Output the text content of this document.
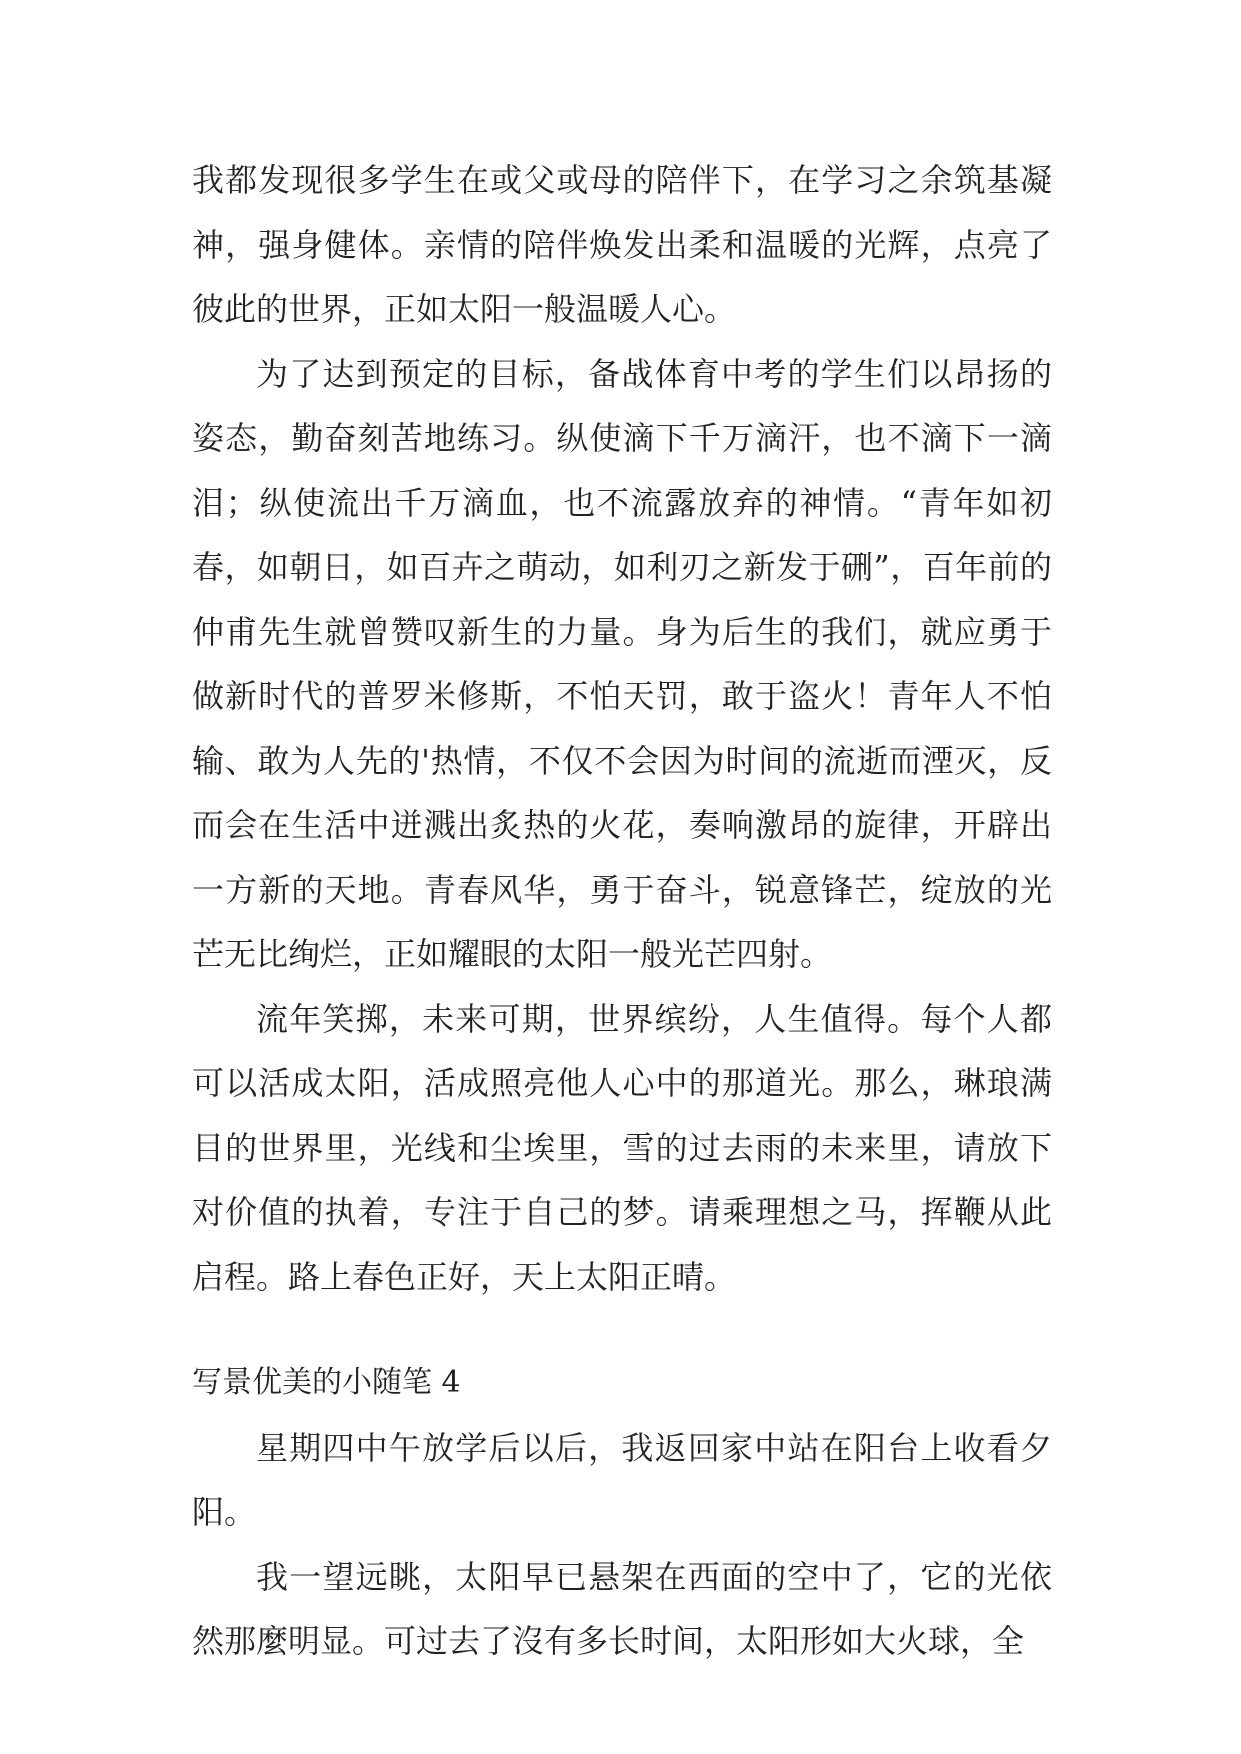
我都发现很多学生在或父或母的陪伴下，在学习之余筑基凝神，强身健体。亲情的陪伴焕发出柔和温暖的光辉，点亮了彼此的世界，正如太阳一般温暖人心。

为了达到预定的目标，备战体育中考的学生们以昂扬的姿态，勤奋刻苦地练习。纵使滴下千万滴汗，也不滴下一滴泪；纵使流出千万滴血，也不流露放弃的神情。“青年如初春，如朝日，如百卉之萌动，如利刃之新发于硎”，百年前的仲甫先生就曾赞叹新生的力量。身为后生的我们，就应勇于做新时代的普罗米修斯，不怕天罚，敢于盗火！青年人不怕输、敢为人先的'热情，不仅不会因为时间的流逝而湮灭，反而会在生活中迸溅出炙热的火花，奏响激昂的旋律，开辟出一方新的天地。青春风华，勇于奋斗，锐意锋芒，绽放的光芒无比绚烂，正如耀眼的太阳一般光芒四射。

流年笑掷，未来可期，世界缤纷，人生值得。每个人都可以活成太阳，活成照亮他人心中的那道光。那么，琳琅满目的世界里，光线和尘埃里，雪的过去雨的未来里，请放下对价值的执着，专注于自己的梦。请乘理想之马，挥鞭从此启程。路上春色正好，天上太阳正晴。

写景优美的小随笔 4

星期四中午放学后以后，我返回家中站在阳台上收看夕阳。

我一望远眺，太阳早已悬架在西面的空中了，它的光依然那麼明显。可过去了沒有多长时间，太阳形如大火球，全
